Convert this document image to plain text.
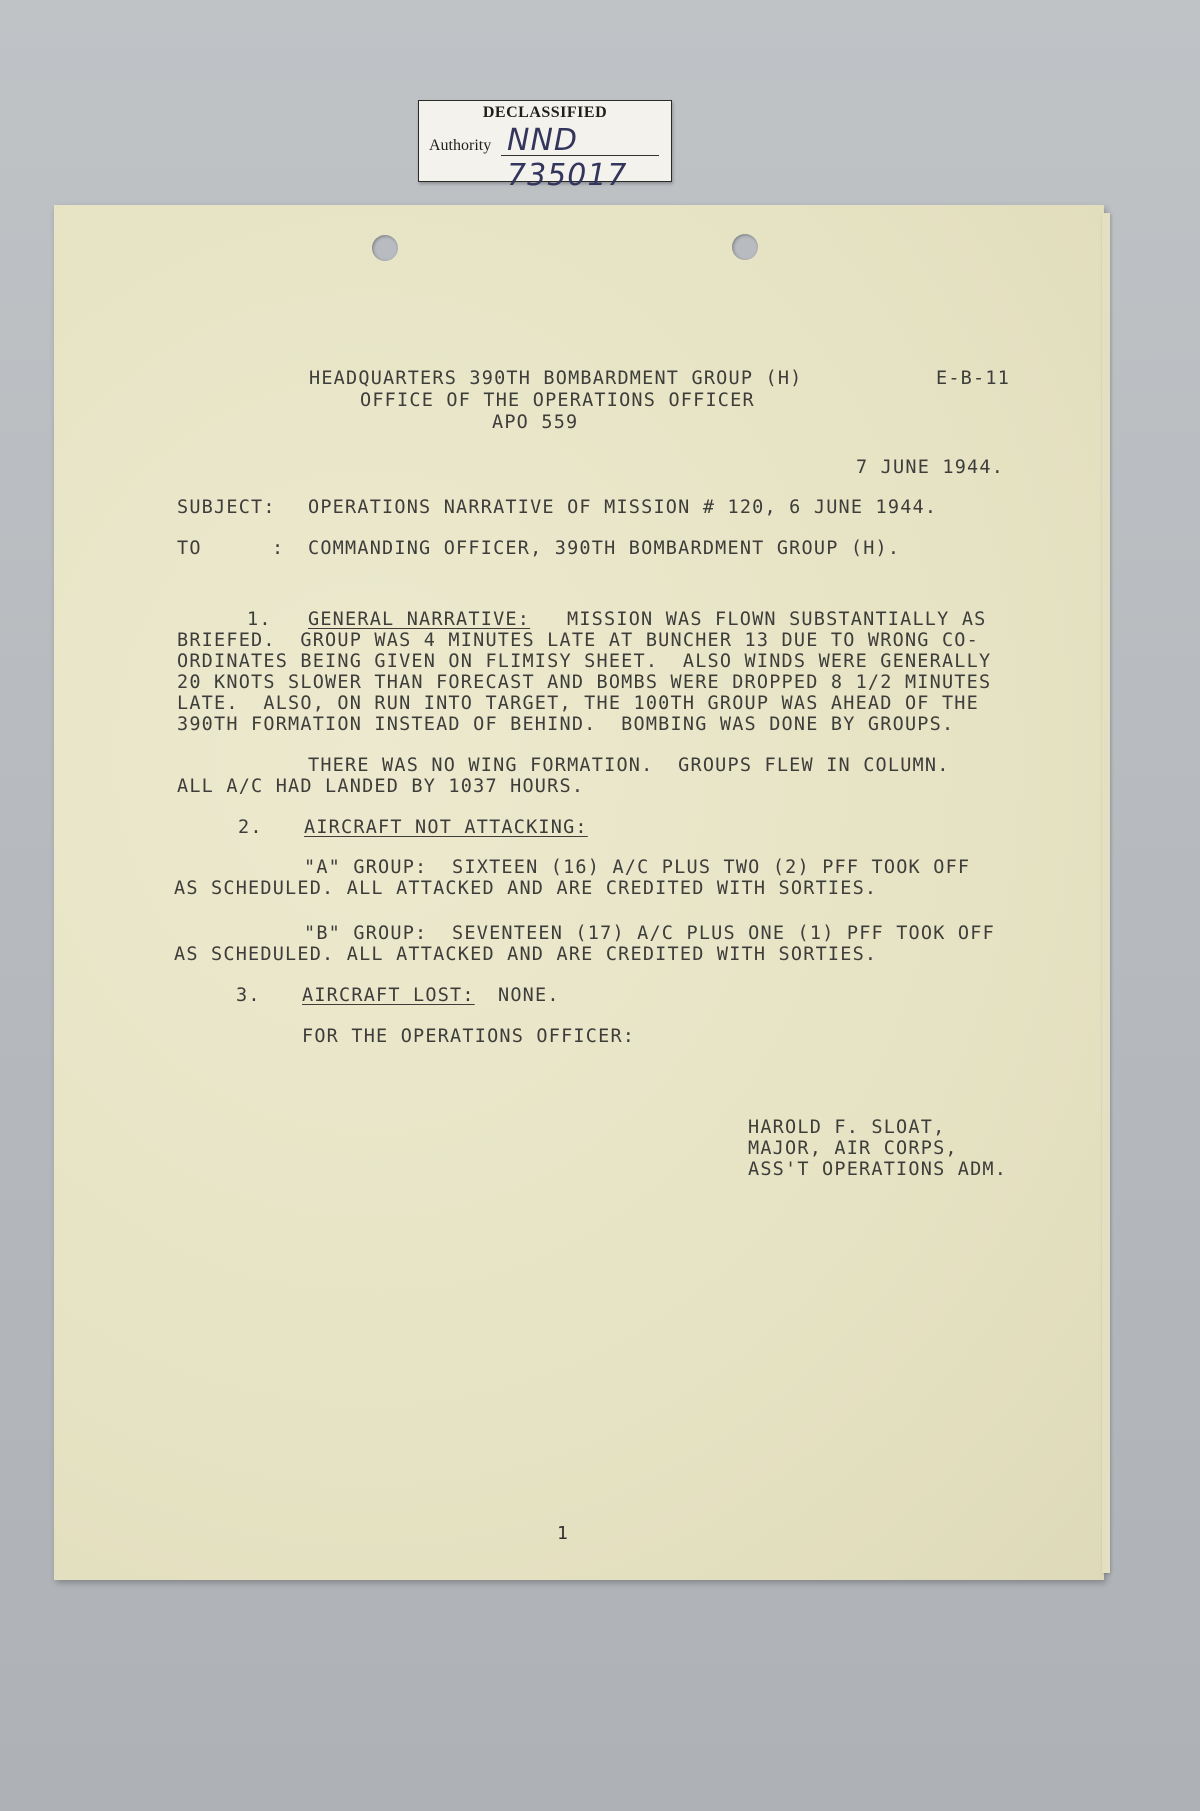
DECLASSIFIED
Authority NND 735017

HEADQUARTERS 390TH BOMBARDMENT GROUP (H)

OFFICE OF THE OPERATIONS OFFICER

APO 559

E-B-11

7 JUNE 1944.

SUBJECT: OPERATIONS NARRATIVE OF MISSION # 120, 6 JUNE 1944.

TO	: COMMANDING OFFICER, 390TH BOMBARDMENT GROUP (H).

1. GENERAL NARRATIVE: MISSION WAS FLOWN SUBSTANTIALLY AS

BRIEFED.  GROUP WAS 4 MINUTES LATE AT BUNCHER 13 DUE TO WRONG CO-

ORDINATES BEING GIVEN ON FLIMISY SHEET.  ALSO WINDS WERE GENERALLY

20 KNOTS SLOWER THAN FORECAST AND BOMBS WERE DROPPED 8 1/2 MINUTES

LATE.  ALSO, ON RUN INTO TARGET, THE 100TH GROUP WAS AHEAD OF THE

390TH FORMATION INSTEAD OF BEHIND.  BOMBING WAS DONE BY GROUPS.

THERE WAS NO WING FORMATION.  GROUPS FLEW IN COLUMN.

ALL A/C HAD LANDED BY 1037 HOURS.

2. AIRCRAFT NOT ATTACKING:

"A" GROUP:  SIXTEEN (16) A/C PLUS TWO (2) PFF TOOK OFF

AS SCHEDULED. ALL ATTACKED AND ARE CREDITED WITH SORTIES.

"B" GROUP:  SEVENTEEN (17) A/C PLUS ONE (1) PFF TOOK OFF

AS SCHEDULED. ALL ATTACKED AND ARE CREDITED WITH SORTIES.

3. AIRCRAFT LOST: NONE.

FOR THE OPERATIONS OFFICER:

HAROLD F. SLOAT,

MAJOR, AIR CORPS,

ASS'T OPERATIONS ADM.

1
